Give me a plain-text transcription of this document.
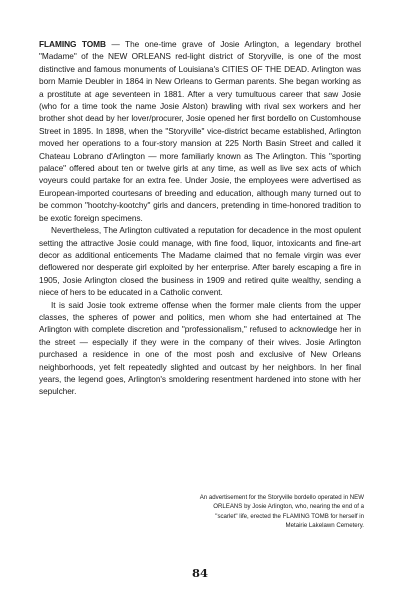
FLAMING TOMB — The one-time grave of Josie Arlington, a legendary brothel "Madame" of the NEW ORLEANS red-light district of Storyville, is one of the most distinctive and famous monuments of Louisiana's CITIES OF THE DEAD. Arlington was born Mamie Deubler in 1864 in New Orleans to German parents. She began working as a prostitute at age seventeen in 1881. After a very tumultuous career that saw Josie (who for a time took the name Josie Alston) brawling with rival sex workers and her brother shot dead by her lover/procurer, Josie opened her first bordello on Customhouse Street in 1895. In 1898, when the "Storyville" vice-district became established, Arlington moved her operations to a four-story mansion at 225 North Basin Street and called it Chateau Lobrano d'Arlington — more familiarly known as The Arlington. This "sporting palace" offered about ten or twelve girls at any time, as well as live sex acts of which voyeurs could partake for an extra fee. Under Josie, the employees were advertised as European-imported courtesans of breeding and education, although many turned out to be common "hootchy-kootchy" girls and dancers, pretending in time-honored tradition to be exotic foreign specimens.

Nevertheless, The Arlington cultivated a reputation for decadence in the most opulent setting the attractive Josie could manage, with fine food, liquor, intoxicants and fine-art decor as additional enticements The Madame claimed that no female virgin was ever deflowered nor desperate girl exploited by her enterprise. After barely escaping a fire in 1905, Josie Arlington closed the business in 1909 and retired quite wealthy, sending a niece of hers to be educated in a Catholic convent.

It is said Josie took extreme offense when the former male clients from the upper classes, the spheres of power and politics, men whom she had entertained at The Arlington with complete discretion and "professionalism," refused to acknowledge her in the street — especially if they were in the company of their wives. Josie Arlington purchased a residence in one of the most posh and exclusive of New Orleans neighborhoods, yet felt repeatedly slighted and outcast by her neighbors. In her final years, the legend goes, Arlington's smoldering resentment hardened into stone with her sepulcher.

An advertisement for the Storyville bordello operated in NEW ORLEANS by Josie Arlington, who, nearing the end of a "scarlet" life, erected the FLAMING TOMB for herself in Metairie Lakelawn Cemetery.
84
